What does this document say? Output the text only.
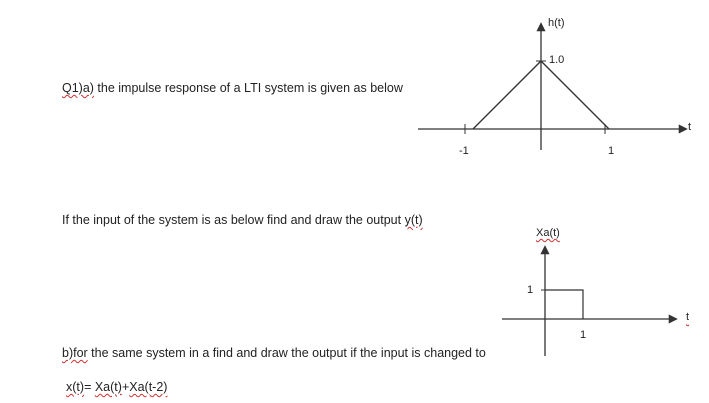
Q1)a) the impulse response of a LTI system is given as below
If the input of the system is as below find and draw the output y(t)
b)for the same system in a find and draw the output if the input is changed to
x(t)= Xa(t)+Xa(t-2)
h(t)
1.0
-1	1
t
Xa(t)
1
1
t
